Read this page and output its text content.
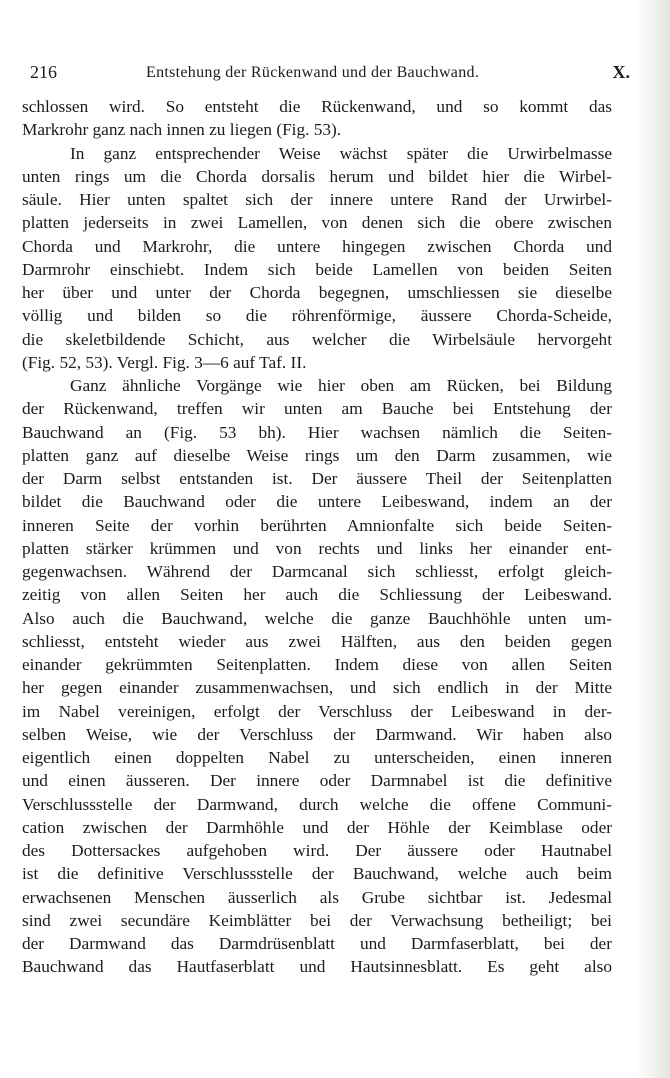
216	Entstehung der Rückenwand und der Bauchwand.	X.
schlossen wird. So entsteht die Rückenwand, und so kommt das
Markrohr ganz nach innen zu liegen (Fig. 53).
In ganz entsprechender Weise wächst später die Urwirbelmasse
unten rings um die Chorda dorsalis herum und bildet hier die Wirbel-
säule. Hier unten spaltet sich der innere untere Rand der Urwirbel-
platten jederseits in zwei Lamellen, von denen sich die obere zwischen
Chorda und Markrohr, die untere hingegen zwischen Chorda und
Darmrohr einschiebt. Indem sich beide Lamellen von beiden Seiten
her über und unter der Chorda begegnen, umschliessen sie dieselbe
völlig und bilden so die röhrenförmige, äussere Chorda-Scheide,
die skeletbildende Schicht, aus welcher die Wirbelsäule hervorgeht
(Fig. 52, 53). Vergl. Fig. 3—6 auf Taf. II.
Ganz ähnliche Vorgänge wie hier oben am Rücken, bei Bildung
der Rückenwand, treffen wir unten am Bauche bei Entstehung der
Bauchwand an (Fig. 53 bh). Hier wachsen nämlich die Seiten-
platten ganz auf dieselbe Weise rings um den Darm zusammen, wie
der Darm selbst entstanden ist. Der äussere Theil der Seitenplatten
bildet die Bauchwand oder die untere Leibeswand, indem an der
inneren Seite der vorhin berührten Amnionfalte sich beide Seiten-
platten stärker krümmen und von rechts und links her einander ent-
gegenwachsen. Während der Darmcanal sich schliesst, erfolgt gleich-
zeitig von allen Seiten her auch die Schliessung der Leibeswand.
Also auch die Bauchwand, welche die ganze Bauchhöhle unten um-
schliesst, entsteht wieder aus zwei Hälften, aus den beiden gegen
einander gekrümmten Seitenplatten. Indem diese von allen Seiten
her gegen einander zusammenwachsen, und sich endlich in der Mitte
im Nabel vereinigen, erfolgt der Verschluss der Leibeswand in der-
selben Weise, wie der Verschluss der Darmwand. Wir haben also
eigentlich einen doppelten Nabel zu unterscheiden, einen inneren
und einen äusseren. Der innere oder Darmnabel ist die definitive
Verschlussstelle der Darmwand, durch welche die offene Communi-
cation zwischen der Darmhöhle und der Höhle der Keimblase oder
des Dottersackes aufgehoben wird. Der äussere oder Hautnabel
ist die definitive Verschlussstelle der Bauchwand, welche auch beim
erwachsenen Menschen äusserlich als Grube sichtbar ist. Jedesmal
sind zwei secundäre Keimblätter bei der Verwachsung betheiligt; bei
der Darmwand das Darmdrüsenblatt und Darmfaserblatt, bei der
Bauchwand das Hautfaserblatt und Hautsinnesblatt. Es geht also
